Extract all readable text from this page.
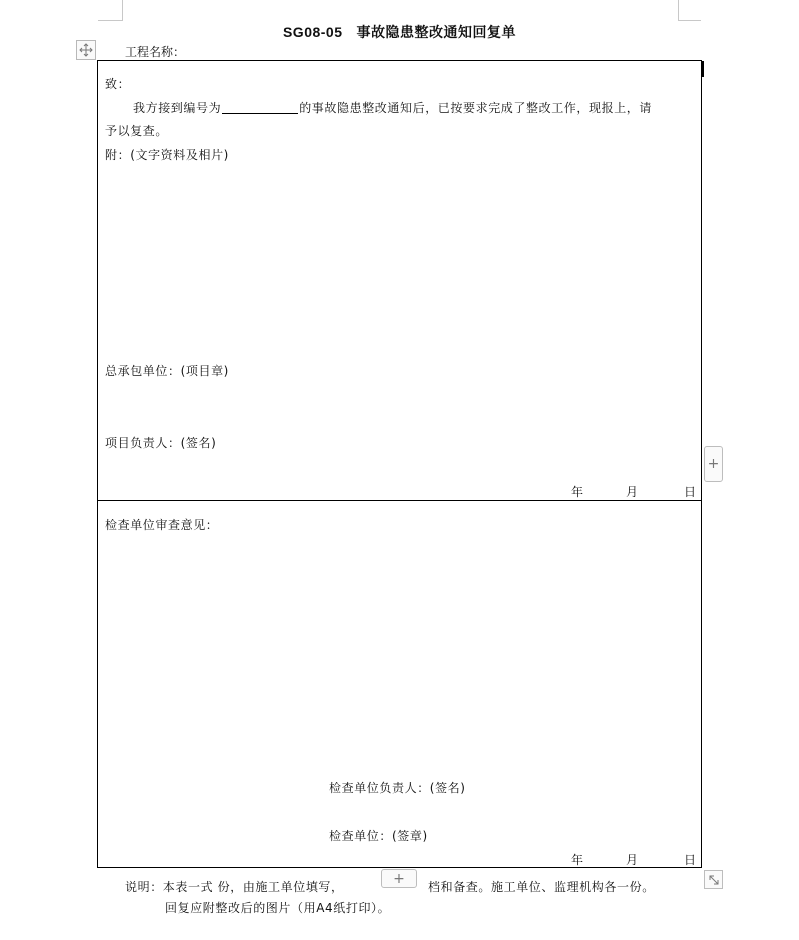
SG08-05 事故隐患整改通知回复单
工程名称：
致：
我方接到编号为	的事故隐患整改通知后，已按要求完成了整改工作，现报上，请
予以复查。
附：(文字资料及相片)
总承包单位：(项目章)
项目负责人：(签名)
年	月	日
检查单位审查意见：
检查单位负责人：(签名)
检查单位：(签章)
年	月	日
+
说明：本表一式 份，由施工单位填写，	档和备查。施工单位、监理机构各一份。
回复应附整改后的图片（用A4纸打印）。
+
